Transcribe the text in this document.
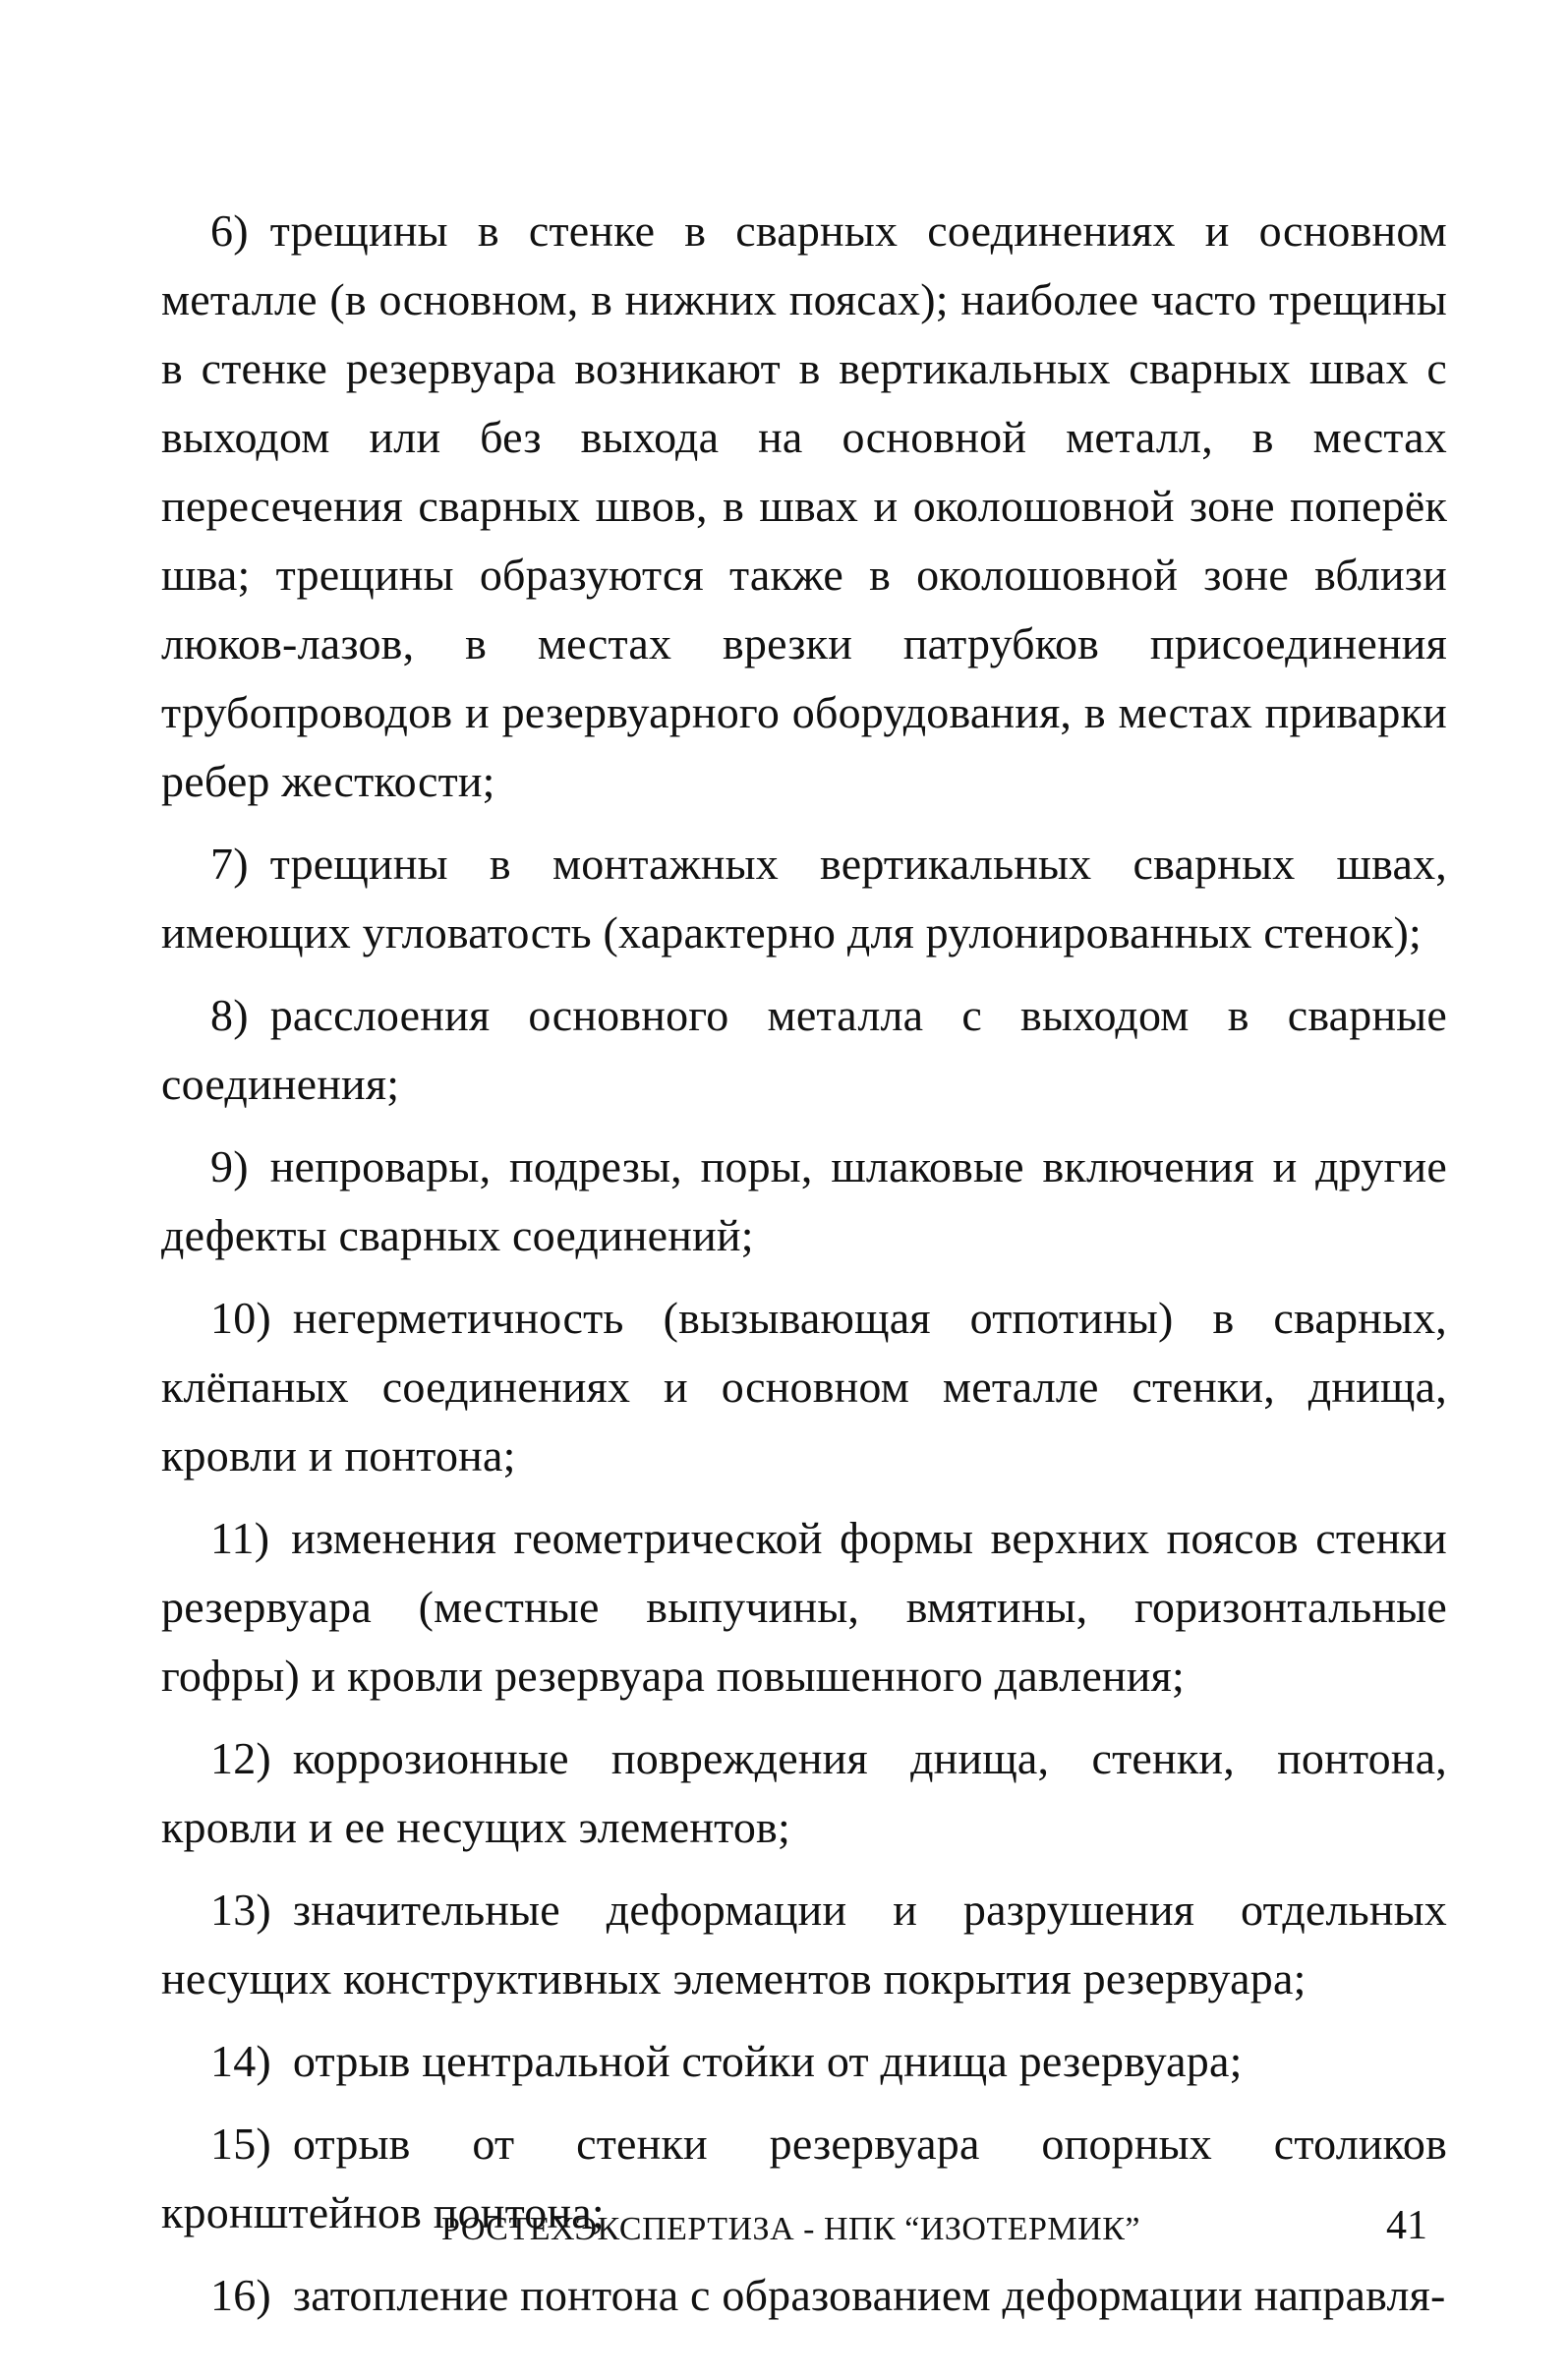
6) трещины в стенке в сварных соединениях и основном металле (в основном, в нижних поясах); наиболее часто трещины в стенке резервуара возникают в вертикальных сварных швах с выходом или без выхода на основной металл, в местах пересечения сварных швов, в швах и околошовной зоне поперёк шва; трещины образуются также в околошовной зоне вблизи люков-лазов, в местах врезки патрубков присоединения трубопроводов и резервуарного оборудования, в местах приварки ребер жесткости;

7) трещины в монтажных вертикальных сварных швах, имеющих угловатость (характерно для рулонированных стенок);

8) расслоения основного металла с выходом в сварные соединения;

9) непровары, подрезы, поры, шлаковые включения и другие дефекты сварных соединений;

10) негерметичность (вызывающая отпотины) в сварных, клёпаных соединениях и основном металле стенки, днища, кровли и понтона;

11) изменения геометрической формы верхних поясов стенки резервуара (местные выпучины, вмятины, горизонтальные гофры) и кровли резервуара повышенного давления;

12) коррозионные повреждения днища, стенки, понтона, кровли и ее несущих элементов;

13) значительные деформации и разрушения отдельных несущих конструктивных элементов покрытия резервуара;

14) отрыв центральной стойки от днища резервуара;

15) отрыв от стенки резервуара опорных столиков кронштейнов понтона;

16) затопление понтона с образованием деформации направля-

РОСТЕХЭКСПЕРТИЗА - НПК “ИЗОТЕРМИК”	41
